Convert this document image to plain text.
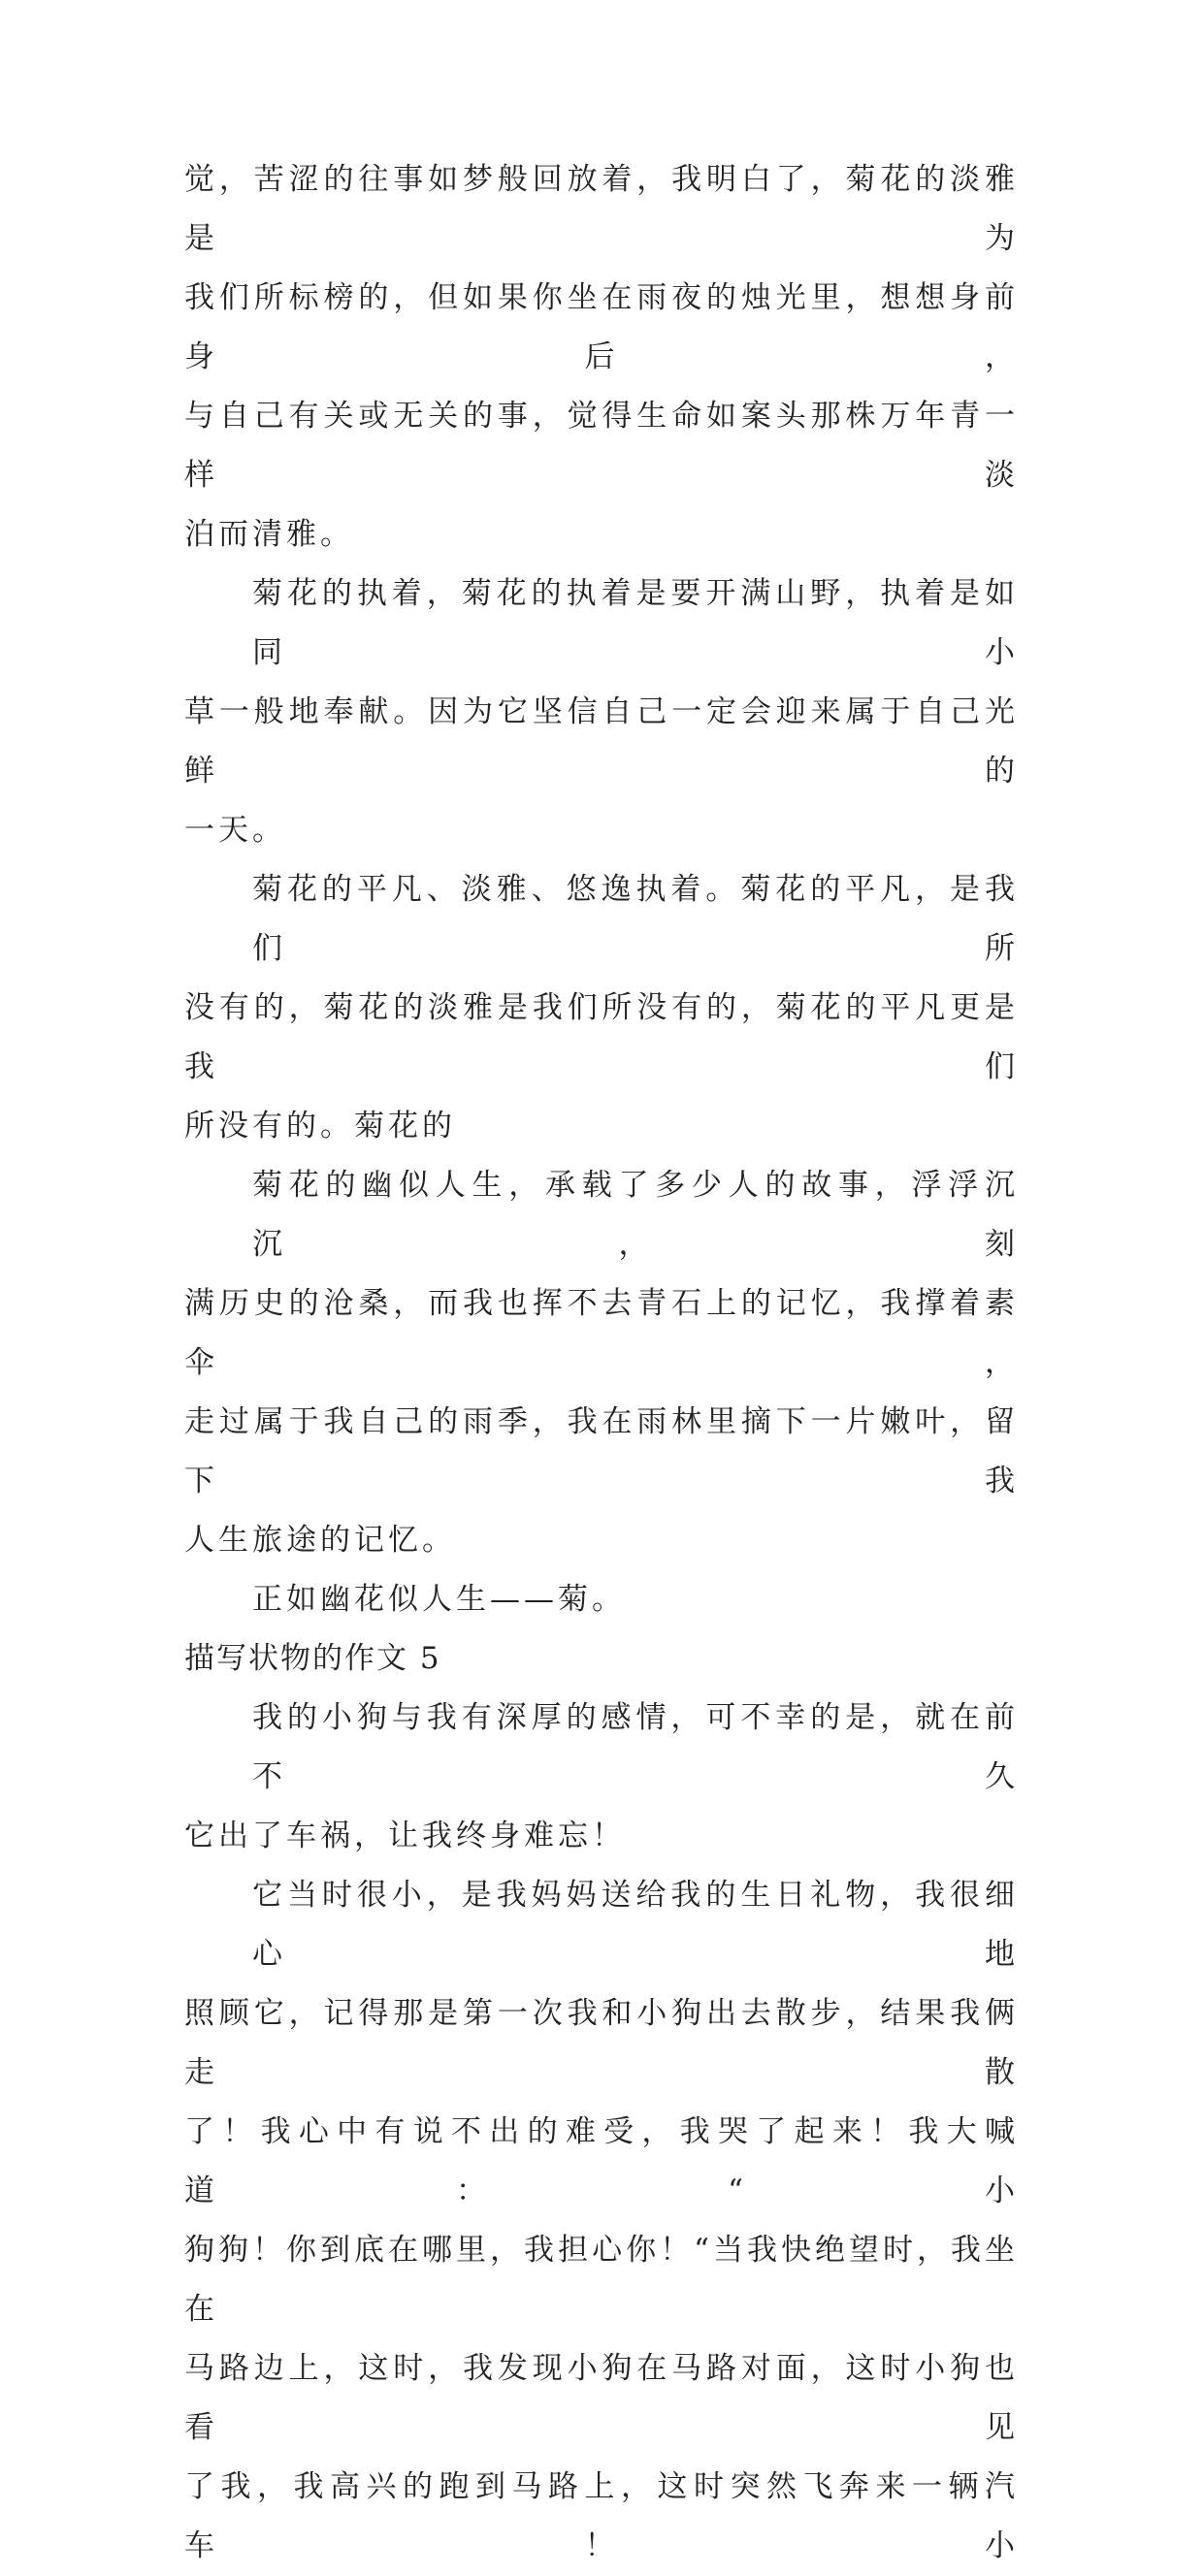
觉，苦涩的往事如梦般回放着，我明白了，菊花的淡雅是为
我们所标榜的，但如果你坐在雨夜的烛光里，想想身前身后，
与自己有关或无关的事，觉得生命如案头那株万年青一样淡
泊而清雅。
菊花的执着，菊花的执着是要开满山野，执着是如同小
草一般地奉献。因为它坚信自己一定会迎来属于自己光鲜的
一天。
菊花的平凡、淡雅、悠逸执着。菊花的平凡，是我们所
没有的，菊花的淡雅是我们所没有的，菊花的平凡更是我们
所没有的。菊花的
菊花的幽似人生，承载了多少人的故事，浮浮沉沉，刻
满历史的沧桑，而我也挥不去青石上的记忆，我撑着素伞，
走过属于我自己的雨季，我在雨林里摘下一片嫩叶，留下我
人生旅途的记忆。
正如幽花似人生——菊。
描写状物的作文 5
我的小狗与我有深厚的感情，可不幸的是，就在前不久
它出了车祸，让我终身难忘！
它当时很小，是我妈妈送给我的生日礼物，我很细心地
照顾它，记得那是第一次我和小狗出去散步，结果我俩走散
了！我心中有说不出的难受，我哭了起来！我大喊道：“小
狗狗！你到底在哪里，我担心你！“当我快绝望时，我坐在
马路边上，这时，我发现小狗在马路对面，这时小狗也看见
了我，我高兴的跑到马路上，这时突然飞奔来一辆汽车！小
